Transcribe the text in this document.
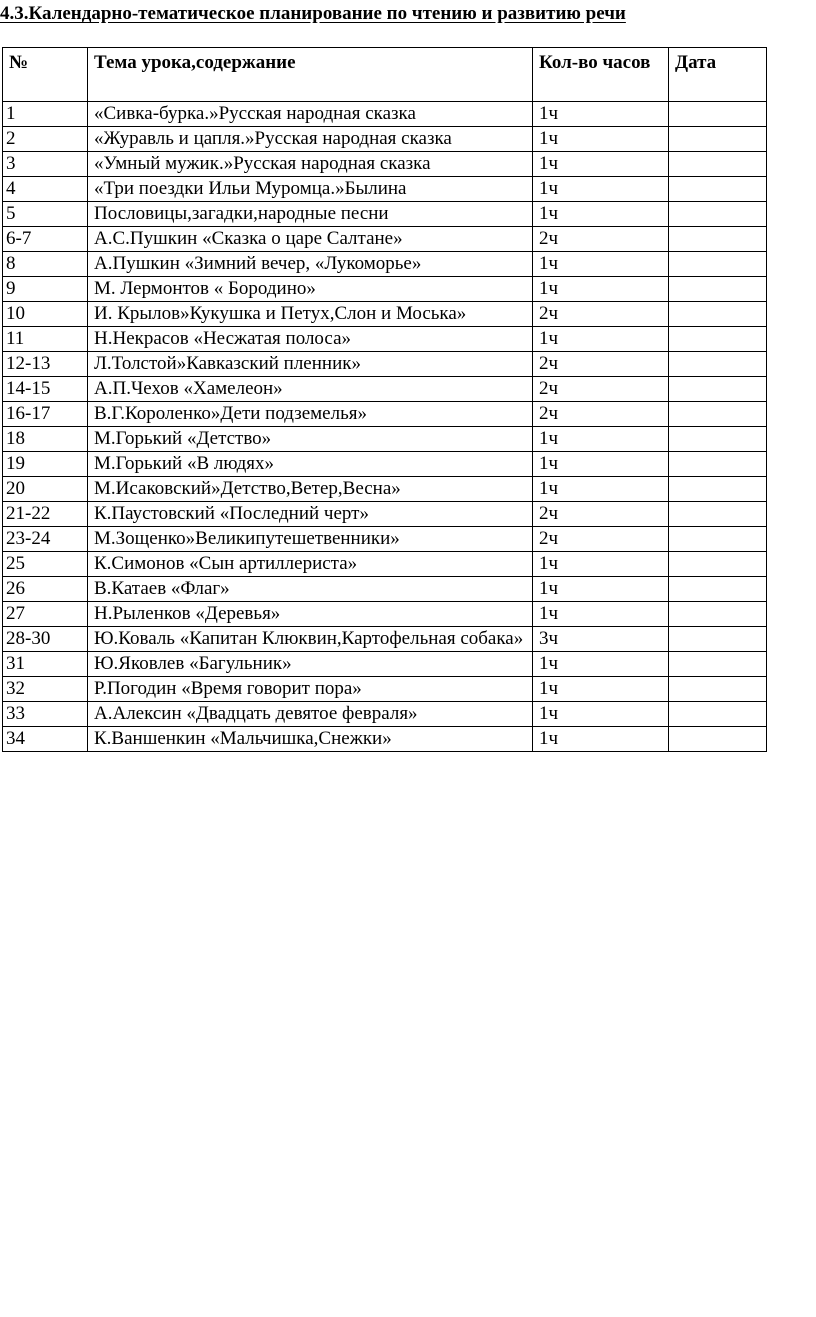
4.3.Календарно-тематическое планирование по чтению и развитию речи
№	Тема урока,содержание	Кол-во часов	Дата
1	«Сивка-бурка.»Русская народная сказка	1ч	
2	«Журавль и цапля.»Русская народная сказка	1ч	
3	«Умный мужик.»Русская народная сказка	1ч	
4	«Три поездки Ильи Муромца.»Былина	1ч	
5	Пословицы,загадки,народные песни	1ч	
6-7	А.С.Пушкин «Сказка о царе Салтане»	2ч	
8	А.Пушкин «Зимний вечер, «Лукоморье»	1ч	
9	М. Лермонтов « Бородино»	1ч	
10	И. Крылов»Кукушка и Петух,Слон и Моська»	2ч	
11	Н.Некрасов «Несжатая полоса»	1ч	
12-13	Л.Толстой»Кавказский пленник»	2ч	
14-15	А.П.Чехов «Хамелеон»	2ч	
16-17	В.Г.Короленко»Дети подземелья»	2ч	
18	М.Горький «Детство»	1ч	
19	М.Горький «В людях»	1ч	
20	М.Исаковский»Детство,Ветер,Весна»	1ч	
21-22	К.Паустовский «Последний черт»	2ч	
23-24	М.Зощенко»Великипутешетвенники»	2ч	
25	К.Симонов «Сын артиллериста»	1ч	
26	В.Катаев «Флаг»	1ч	
27	Н.Рыленков «Деревья»	1ч	
28-30	Ю.Коваль «Капитан Клюквин,Картофельная собака»	3ч	
31	Ю.Яковлев «Багульник»	1ч	
32	Р.Погодин «Время говорит пора»	1ч	
33	А.Алексин «Двадцать девятое февраля»	1ч	
34	К.Ваншенкин «Мальчишка,Снежки»	1ч	
